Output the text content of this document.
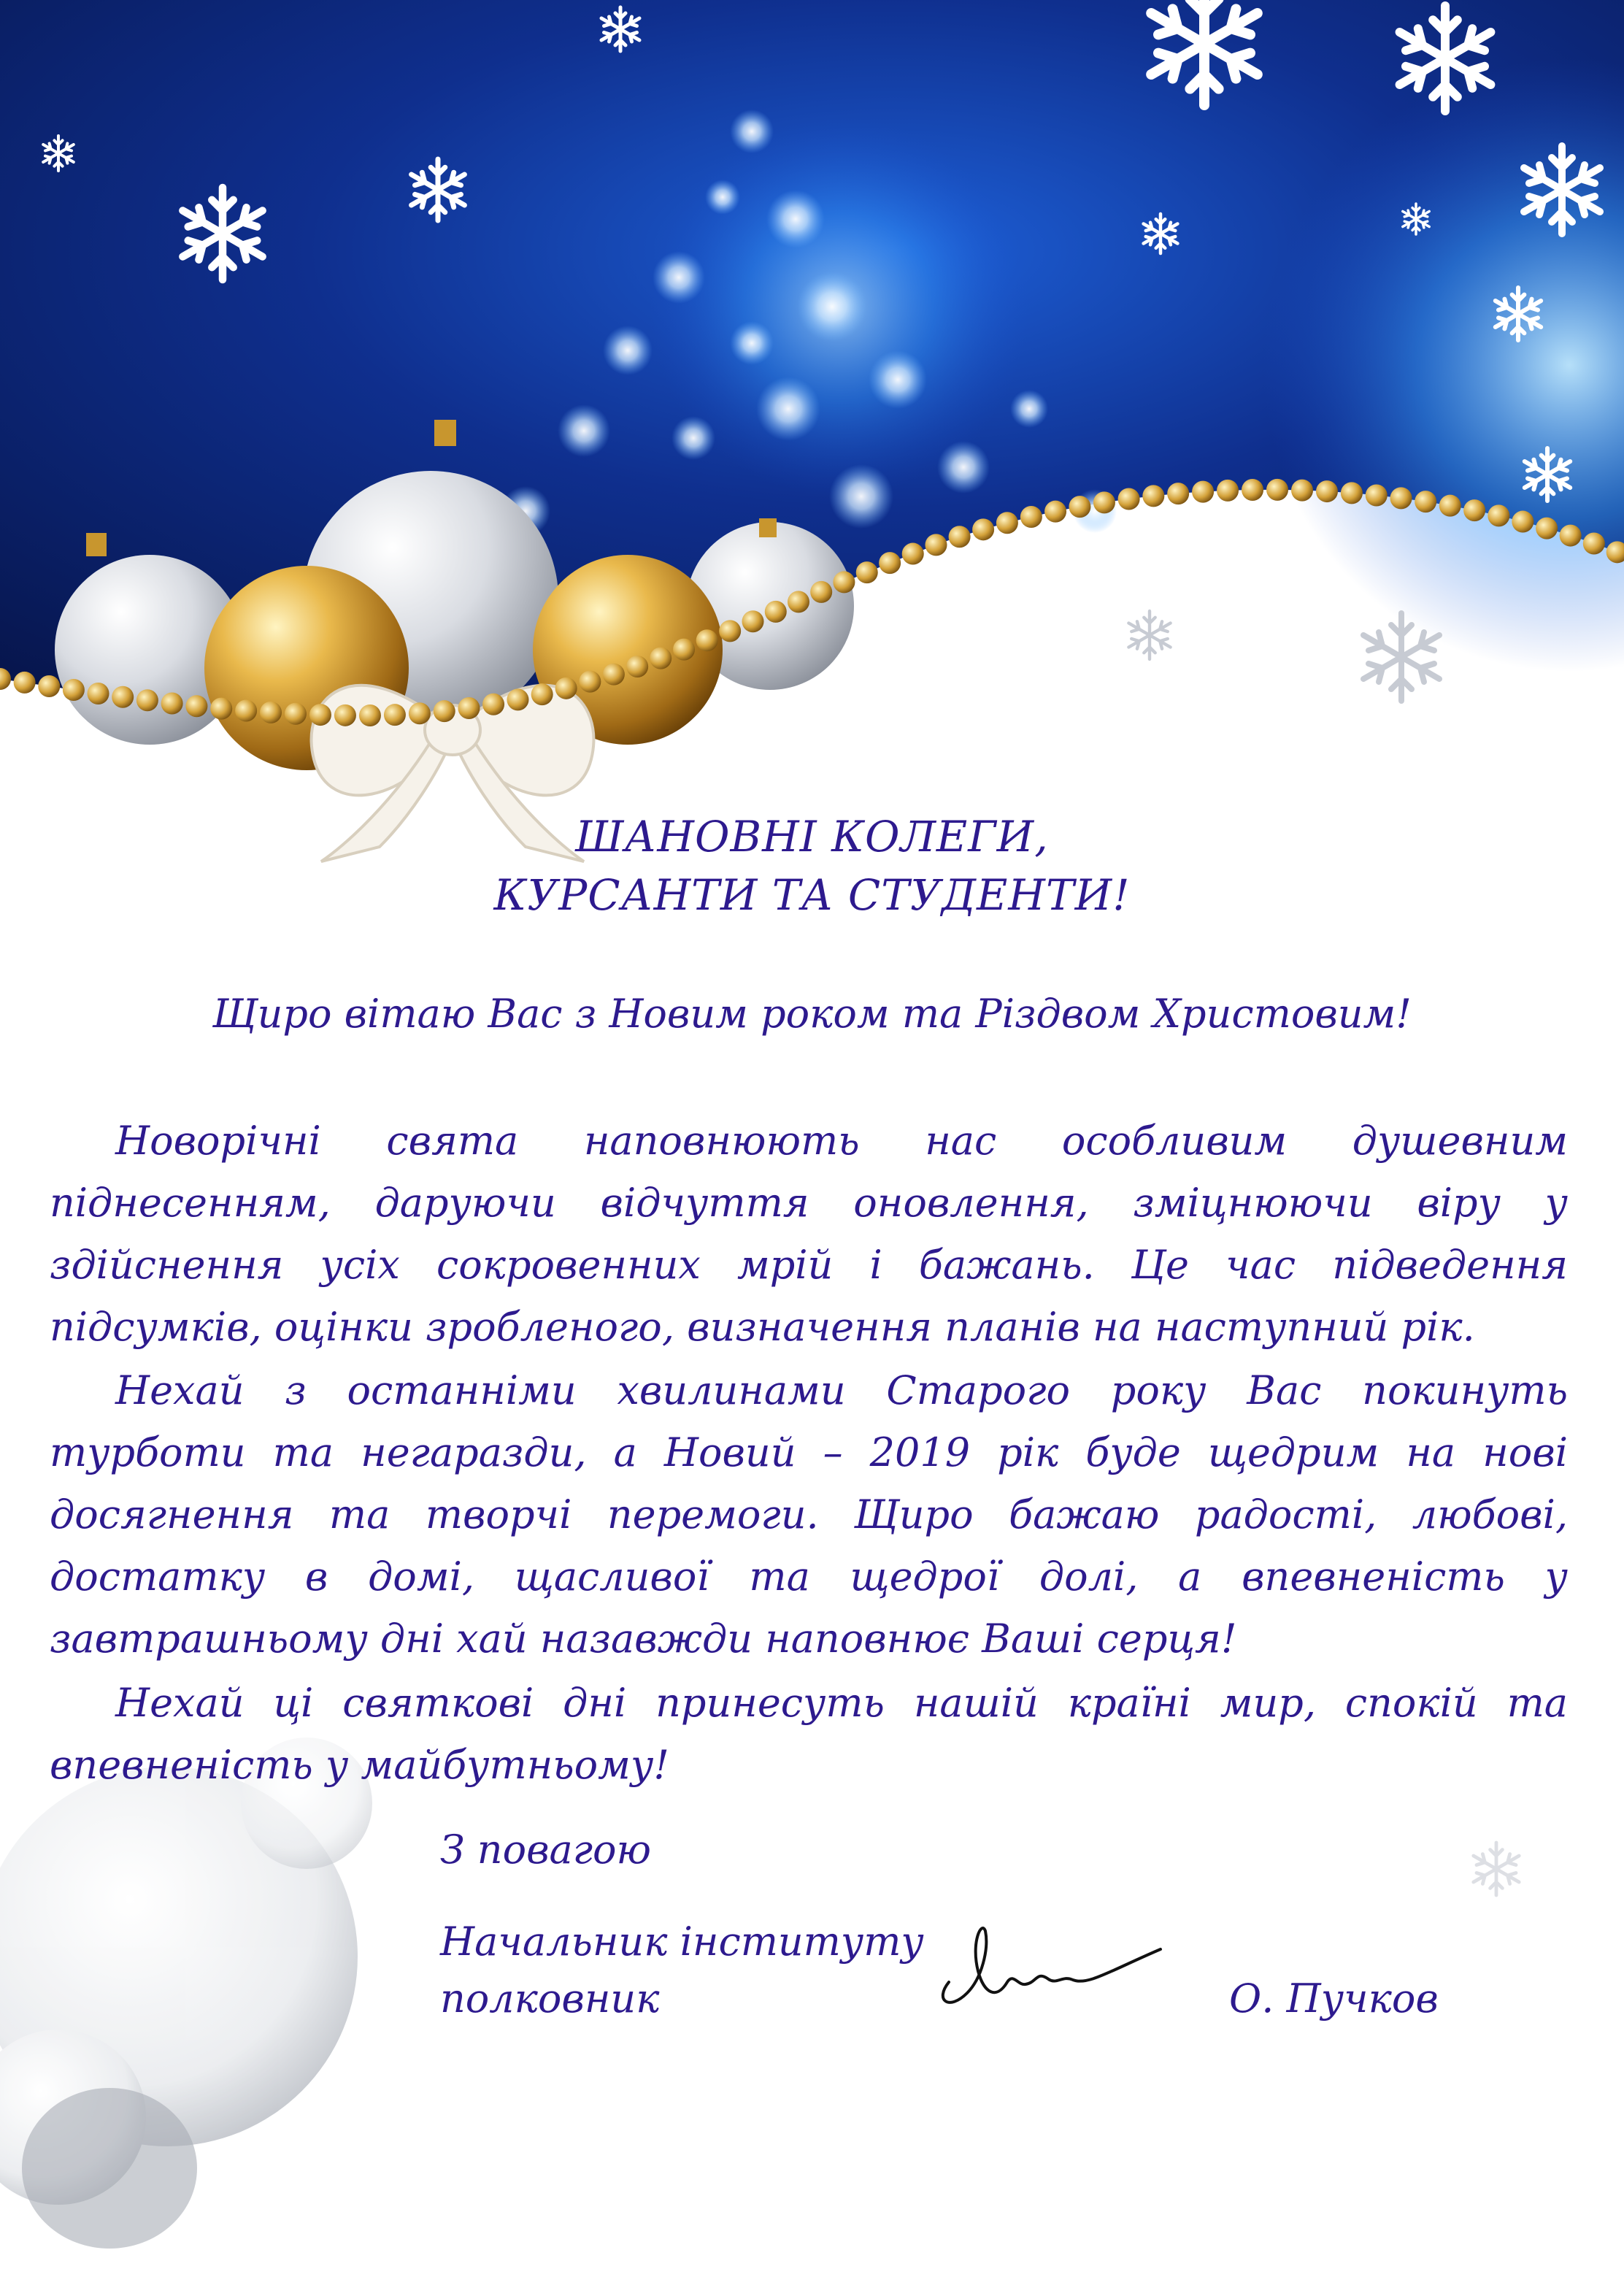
ШАНОВНІ КОЛЕГИ,
КУРСАНТИ ТА СТУДЕНТИ!
Щиро вітаю Вас з Новим роком та Різдвом Христовим!
Новорічні свята наповнюють нас особливим душевним піднесенням, даруючи відчуття оновлення, зміцнюючи віру у здійснення усіх сокровенних мрій і бажань. Це час підведення підсумків, оцінки зробленого, визначення планів на наступний рік.
Нехай з останніми хвилинами Старого року Вас покинуть турботи та негаразди, а Новий – 2019 рік буде щедрим на нові досягнення та творчі перемоги. Щиро бажаю радості, любові, достатку в домі, щасливої та щедрої долі, а впевненість у завтрашньому дні хай назавжди наповнює Ваші серця!
Нехай ці святкові дні принесуть нашій країні мир, спокій та впевненість у майбутньому!
З повагою
Начальник інституту
полковник	О. Пучков
